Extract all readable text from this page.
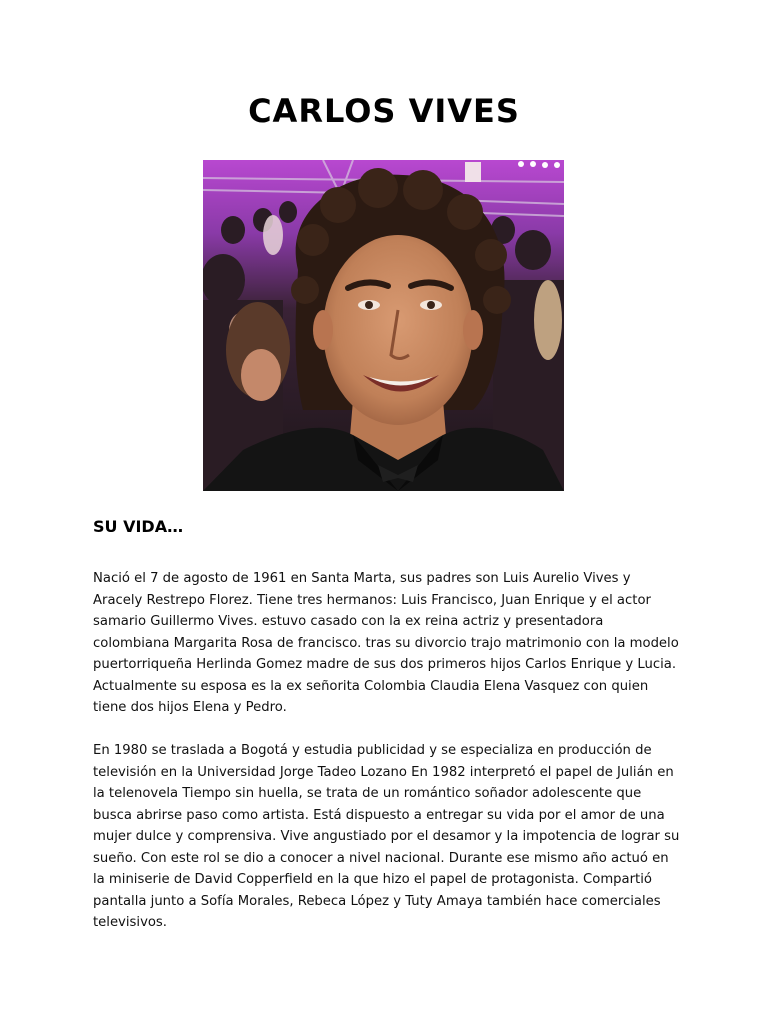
CARLOS VIVES
SU VIDA…

Nació el 7 de agosto de 1961 en Santa Marta, sus padres son Luis Aurelio Vives y Aracely Restrepo Florez. Tiene tres hermanos: Luis Francisco, Juan Enrique y el actor samario Guillermo Vives. estuvo casado con la ex reina actriz y presentadora colombiana Margarita Rosa de francisco. tras su divorcio trajo matrimonio con la modelo puertorriqueña Herlinda Gomez madre de sus dos primeros hijos Carlos Enrique y Lucia. Actualmente su esposa es la ex señorita Colombia Claudia Elena Vasquez con quien tiene dos hijos Elena y Pedro.

En 1980 se traslada a Bogotá y estudia publicidad y se especializa en producción de televisión en la Universidad Jorge Tadeo Lozano En 1982 interpretó el papel de Julián en la telenovela Tiempo sin huella, se trata de un romántico soñador adolescente que busca abrirse paso como artista. Está dispuesto a entregar su vida por el amor de una mujer dulce y comprensiva. Vive angustiado por el desamor y la impotencia de lograr su sueño. Con este rol se dio a conocer a nivel nacional. Durante ese mismo año actuó en la miniserie de David Copperfield en la que hizo el papel de protagonista. Compartió pantalla junto a Sofía Morales, Rebeca López y Tuty Amaya también hace comerciales televisivos.
